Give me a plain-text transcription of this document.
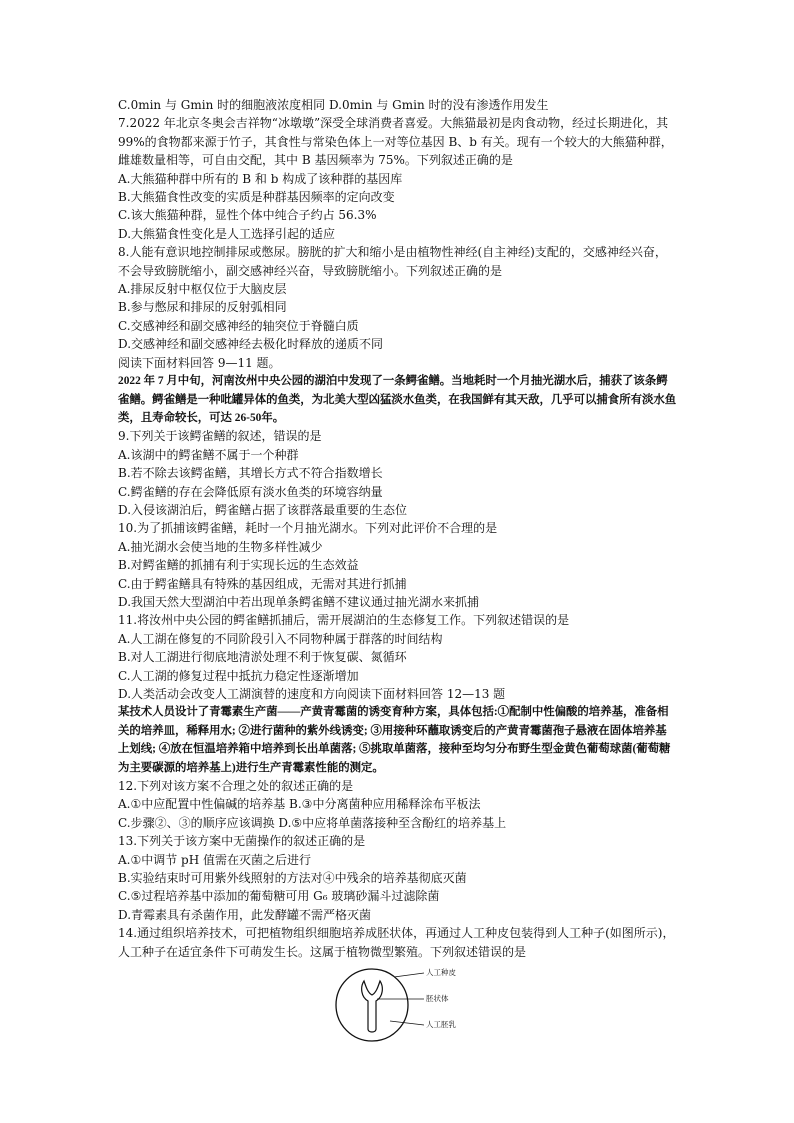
C.0min 与 Gmin 时的细胞液浓度相同 D.0min 与 Gmin 时的没有渗透作用发生
7.2022 年北京冬奥会吉祥物“冰墩墩”深受全球消费者喜爱。大熊猫最初是肉食动物，经过长期进化，其 99%的食物都来源于竹子，其食性与常染色体上一对等位基因 B、b 有关。现有一个较大的大熊猫种群，雌雄数量相等，可自由交配，其中 B 基因频率为 75%。下列叙述正确的是
A.大熊猫种群中所有的 B 和 b 构成了该种群的基因库
B.大熊猫食性改变的实质是种群基因频率的定向改变
C.该大熊猫种群，显性个体中纯合子约占 56.3%
D.大熊猫食性变化是人工选择引起的适应
8.人能有意识地控制排尿或憋尿。膀胱的扩大和缩小是由植物性神经(自主神经)支配的，交感神经兴奋，不会导致膀胱缩小，副交感神经兴奋，导致膀胱缩小。下列叙述正确的是
A.排尿反射中枢仅位于大脑皮层
B.参与憋尿和排尿的反射弧相同
C.交感神经和副交感神经的轴突位于脊髓白质
D.交感神经和副交感神经去极化时释放的递质不同
阅读下面材料回答 9—11 题。
2022 年 7 月中旬，河南汝州中央公园的湖泊中发现了一条鳄雀鳝。当地耗时一个月抽光湖水后，捕获了该条鳄雀鳝。鳄雀鳝是一种吡罐异体的鱼类，为北美大型凶猛淡水鱼类，在我国鲜有其天敌，几乎可以捕食所有淡水鱼类，且寿命较长，可达 26-50年。
9.下列关于该鳄雀鳝的叙述，错误的是
A.该湖中的鳄雀鳝不属于一个种群
B.若不除去该鳄雀鳝，其增长方式不符合指数增长
C.鳄雀鳝的存在会降低原有淡水鱼类的环境容纳量
D.入侵该湖泊后，鳄雀鳝占据了该群落最重要的生态位
10.为了抓捕该鳄雀鳝，耗时一个月抽光湖水。下列对此评价不合理的是
A.抽光湖水会使当地的生物多样性减少
B.对鳄雀鳝的抓捕有利于实现长远的生态效益
C.由于鳄雀鳝具有特殊的基因组成，无需对其进行抓捕
D.我国天然大型湖泊中若出现单条鳄雀鳝不建议通过抽光湖水来抓捕
11.将汝州中央公园的鳄雀鳝抓捕后，需开展湖泊的生态修复工作。下列叙述错误的是
A.人工湖在修复的不同阶段引入不同物种属于群落的时间结构
B.对人工湖进行彻底地清淤处理不利于恢复碳、氮循环
C.人工湖的修复过程中抵抗力稳定性逐渐增加
D.人类活动会改变人工湖演替的速度和方向阅读下面材料回答 12—13 题
某技术人员设计了青霉素生产菌——产黄青霉菌的诱变育种方案，具体包括:①配制中性偏酸的培养基，准备相关的培养皿，稀释用水; ②进行菌种的紫外线诱变; ③用接种环蘸取诱变后的产黄青霉菌孢子悬液在固体培养基上划线; ④放在恒温培养箱中培养到长出单菌落; ⑤挑取单菌落，接种至均匀分布野生型金黄色葡萄球菌(葡萄糖为主要碳源的培养基上)进行生产青霉素性能的测定。
12.下列对该方案不合理之处的叙述正确的是
A.①中应配置中性偏碱的培养基 B.③中分离菌种应用稀释涂布平板法
C.步骤②、③的顺序应该调换 D.⑤中应将单菌落接种至含酚红的培养基上
13.下列关于该方案中无菌操作的叙述正确的是
A.①中调节 pH 值需在灭菌之后进行
B.实验结束时可用紫外线照射的方法对④中残余的培养基彻底灭菌
C.⑤过程培养基中添加的葡萄糖可用 G₆ 玻璃砂漏斗过滤除菌
D.青霉素具有杀菌作用，此发酵罐不需严格灭菌
14.通过组织培养技术，可把植物组织细胞培养成胚状体，再通过人工种皮包装得到人工种子(如图所示)，人工种子在适宜条件下可萌发生长。这属于植物微型繁殖。下列叙述错误的是
人工种皮
胚状体
人工胚乳
